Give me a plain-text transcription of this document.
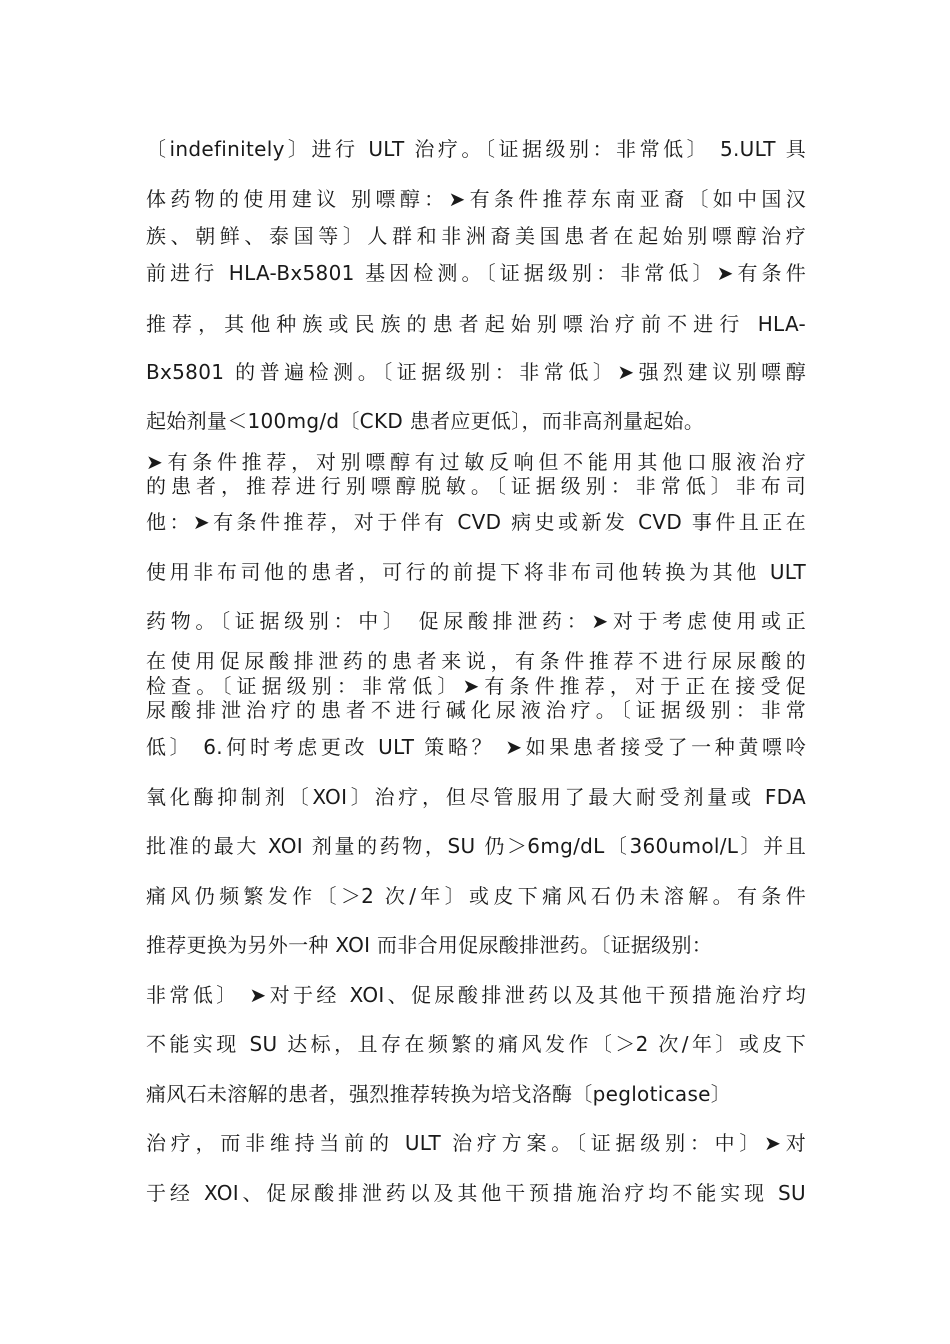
〔indefinitely〕进行 ULT 治疗。〔证据级别：非常低〕 5.ULT 具
体药物的使用建议 别嘌醇：➤有条件推荐东南亚裔〔如中国汉
族、朝鲜、泰国等〕人群和非洲裔美国患者在起始别嘌醇治疗
前进行 HLA-Bx5801 基因检测。〔证据级别：非常低〕➤有条件
推荐，其他种族或民族的患者起始别嘌治疗前不进行 HLA-
Bx5801 的普遍检测。〔证据级别：非常低〕➤强烈建议别嘌醇
起始剂量＜100mg/d〔CKD 患者应更低〕，而非高剂量起始。
➤有条件推荐，对别嘌醇有过敏反响但不能用其他口服液治疗
的患者，推荐进行别嘌醇脱敏。〔证据级别：非常低〕非布司
他：➤有条件推荐，对于伴有 CVD 病史或新发 CVD 事件且正在
使用非布司他的患者，可行的前提下将非布司他转换为其他 ULT
药物。〔证据级别：中〕 促尿酸排泄药：➤对于考虑使用或正
在使用促尿酸排泄药的患者来说，有条件推荐不进行尿尿酸的
检查。〔证据级别：非常低〕➤有条件推荐，对于正在接受促
尿酸排泄治疗的患者不进行碱化尿液治疗。〔证据级别：非常
低〕 6.何时考虑更改 ULT 策略？ ➤如果患者接受了一种黄嘌呤
氧化酶抑制剂〔XOI〕治疗，但尽管服用了最大耐受剂量或 FDA
批准的最大 XOI 剂量的药物，SU 仍＞6mg/dL〔360umol/L〕并且
痛风仍频繁发作〔＞2 次/年〕或皮下痛风石仍未溶解。有条件
推荐更换为另外一种 XOI 而非合用促尿酸排泄药。〔证据级别：
非常低〕 ➤对于经 XOI、促尿酸排泄药以及其他干预措施治疗均
不能实现 SU 达标，且存在频繁的痛风发作〔＞2 次/年〕或皮下
痛风石未溶解的患者，强烈推荐转换为培戈洛酶〔pegloticase〕
治疗，而非维持当前的 ULT 治疗方案。〔证据级别：中〕➤对
于经 XOI、促尿酸排泄药以及其他干预措施治疗均不能实现 SU
